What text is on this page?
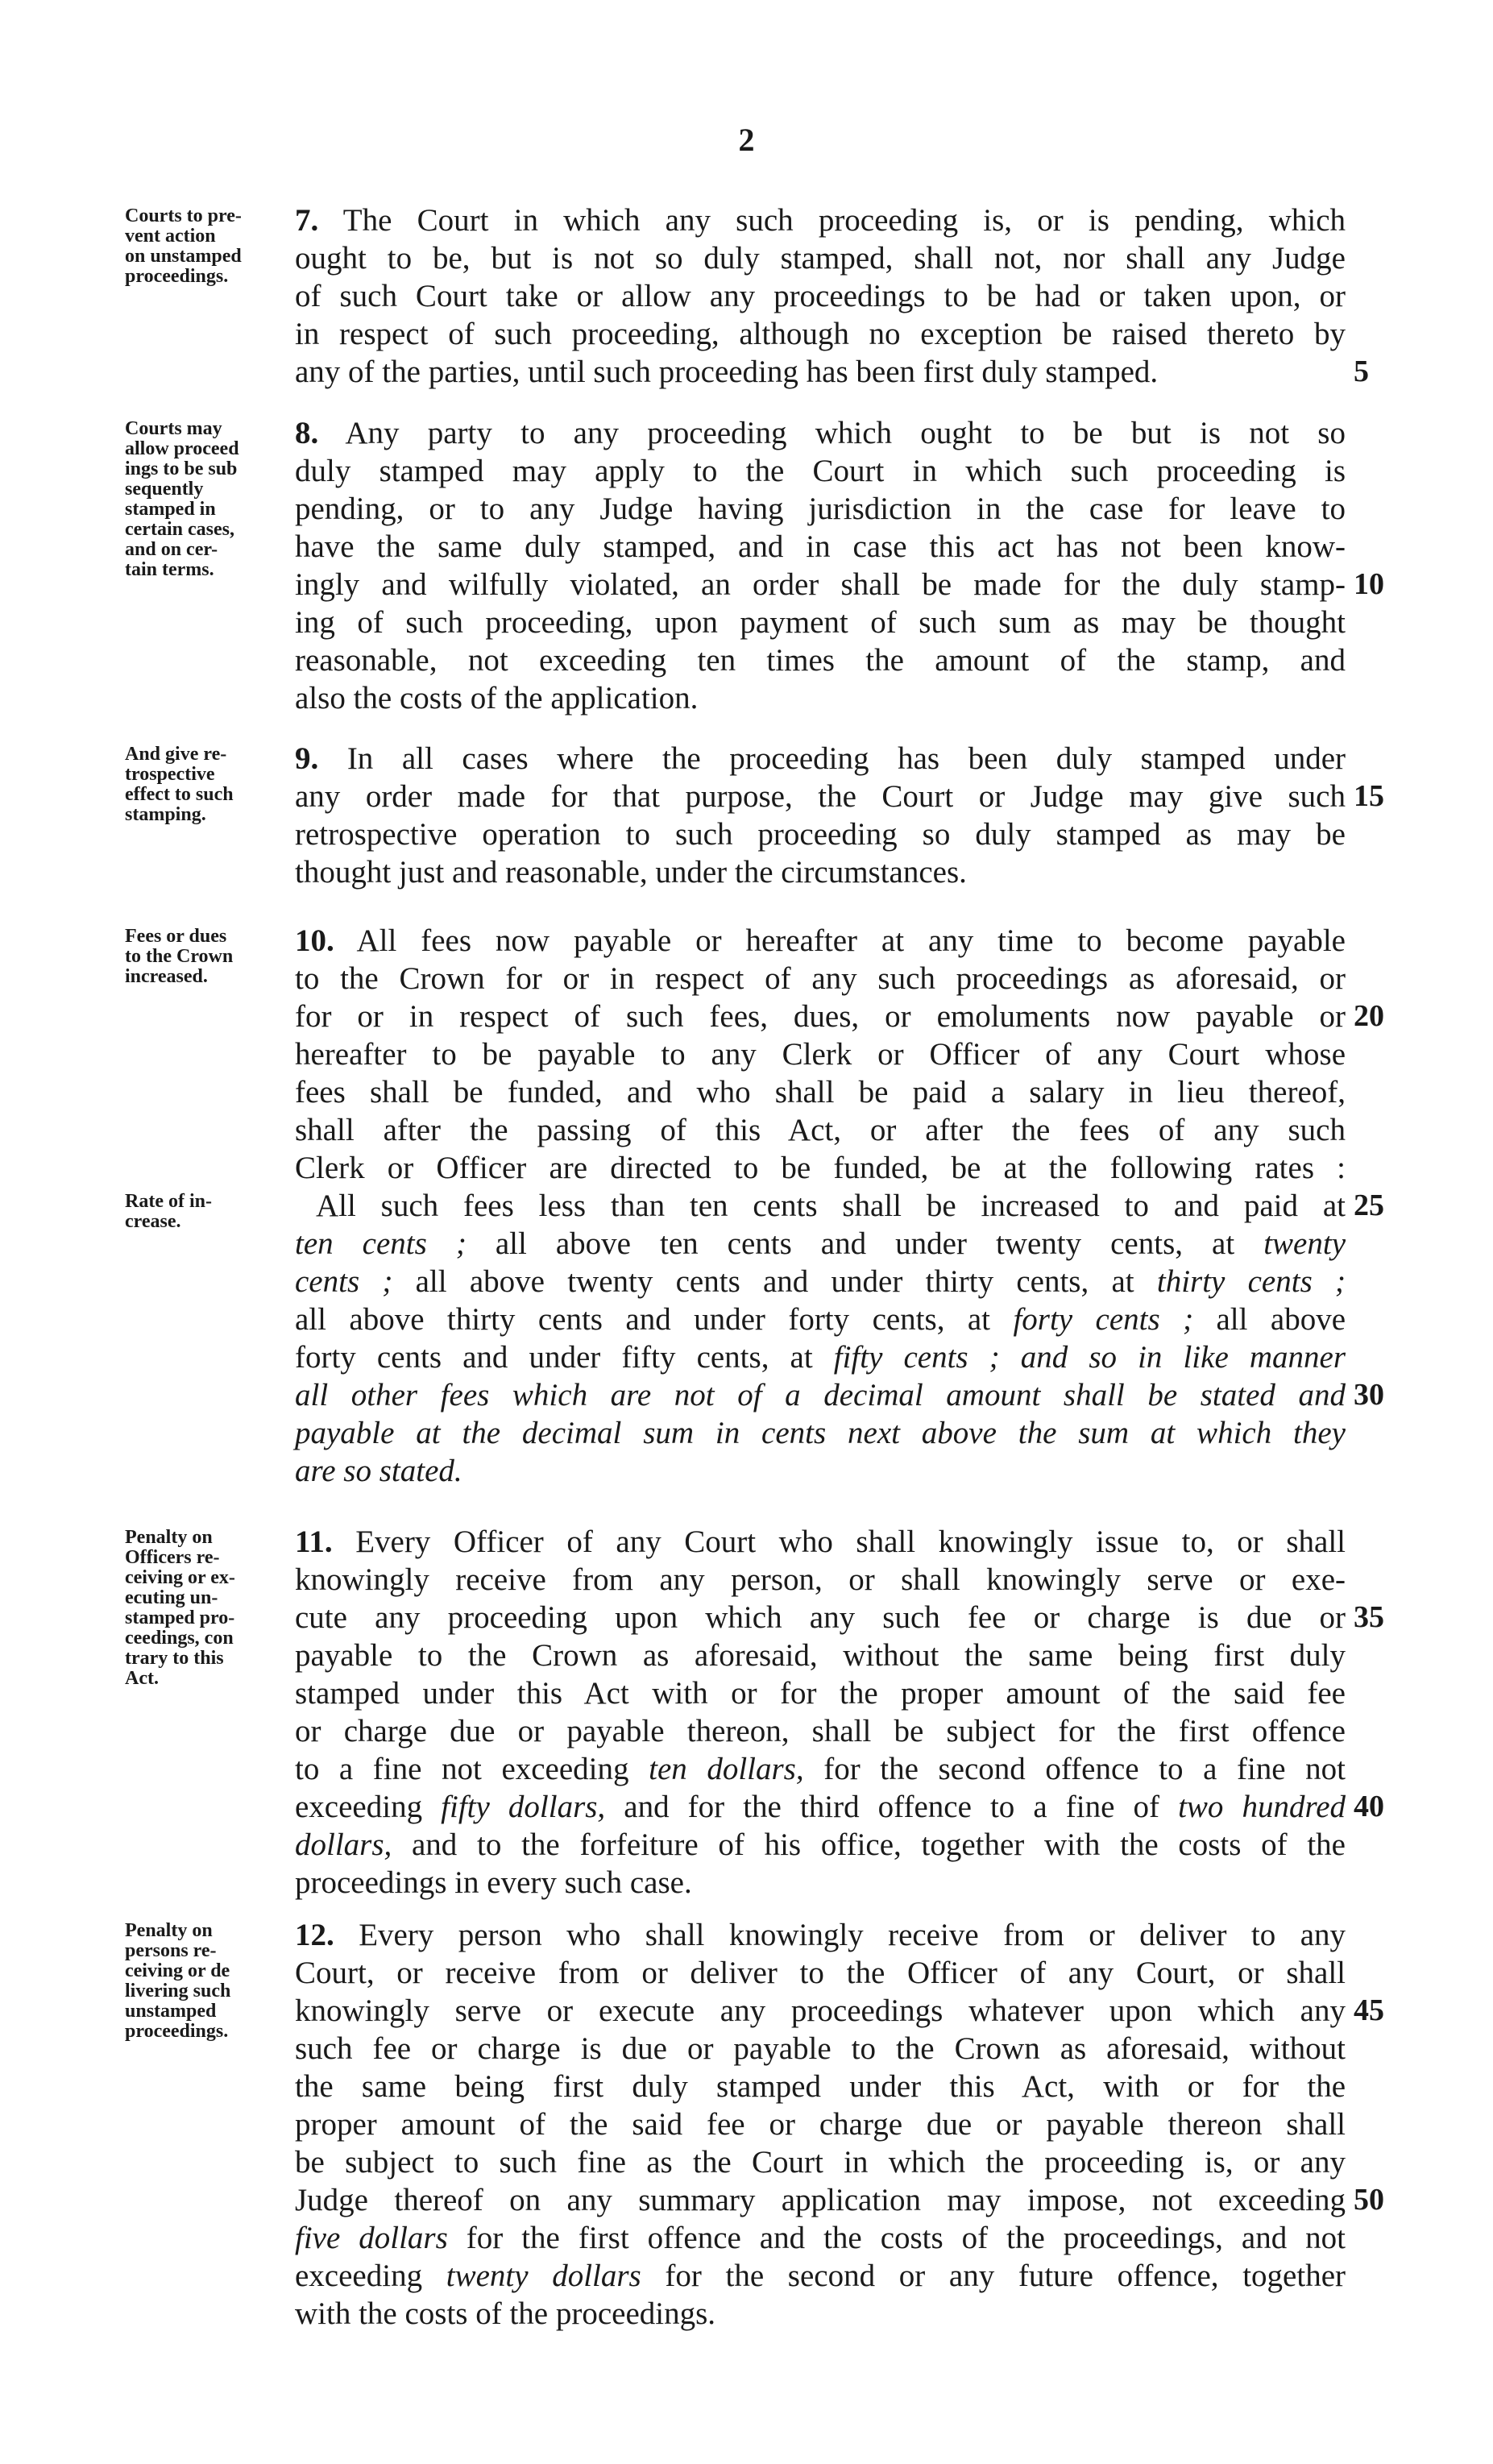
2
Courts to pre-
vent action
on unstamped
proceedings.
7. The Court in which any such proceeding is, or is pending, which
ought to be, but is not so duly stamped, shall not, nor shall any Judge
of such Court take or allow any proceedings to be had or taken upon, or
in respect of such proceeding, although no exception be raised thereto by
any of the parties, until such proceeding has been first duly stamped.	5
Courts may
allow proceed
ings to be sub
sequently
stamped in
certain cases,
and on cer-
tain terms.
8. Any party to any proceeding which ought to be but is not so
duly stamped may apply to the Court in which such proceeding is
pending, or to any Judge having jurisdiction in the case for leave to
have the same duly stamped, and in case this act has not been know-
ingly and wilfully violated, an order shall be made for the duly stamp-
ing of such proceeding, upon payment of such sum as may be thought
reasonable, not exceeding ten times the amount of the stamp, and
also the costs of the application.
10
And give re-
trospective
effect to such
stamping.
9. In all cases where the proceeding has been duly stamped under
any order made for that purpose, the Court or Judge may give such
retrospective operation to such proceeding so duly stamped as may be
thought just and reasonable, under the circumstances.
15
Fees or dues
to the Crown
increased.
Rate of in-
crease.
10. All fees now payable or hereafter at any time to become payable
to the Crown for or in respect of any such proceedings as aforesaid, or
for or in respect of such fees, dues, or emoluments now payable or
hereafter to be payable to any Clerk or Officer of any Court whose
fees shall be funded, and who shall be paid a salary in lieu thereof,
shall after the passing of this Act, or after the fees of any such
Clerk or Officer are directed to be funded, be at the following rates :
All such fees less than ten cents shall be increased to and paid at
ten cents ; all above ten cents and under twenty cents, at twenty
cents ; all above twenty cents and under thirty cents, at thirty cents ;
all above thirty cents and under forty cents, at forty cents ; all above
forty cents and under fifty cents, at fifty cents ; and so in like manner
all other fees which are not of a decimal amount shall be stated and
payable at the decimal sum in cents next above the sum at which they
are so stated.
20
25
30
Penalty on
Officers re-
ceiving or ex-
ecuting un-
stamped pro-
ceedings, con
trary to this
Act.
11. Every Officer of any Court who shall knowingly issue to, or shall
knowingly receive from any person, or shall knowingly serve or exe-
cute any proceeding upon which any such fee or charge is due or
payable to the Crown as aforesaid, without the same being first duly
stamped under this Act with or for the proper amount of the said fee
or charge due or payable thereon, shall be subject for the first offence
to a fine not exceeding ten dollars, for the second offence to a fine not
exceeding fifty dollars, and for the third offence to a fine of two hundred
dollars, and to the forfeiture of his office, together with the costs of the
proceedings in every such case.
35
40
Penalty on
persons re-
ceiving or de
livering such
unstamped
proceedings.
12. Every person who shall knowingly receive from or deliver to any
Court, or receive from or deliver to the Officer of any Court, or shall
knowingly serve or execute any proceedings whatever upon which any
such fee or charge is due or payable to the Crown as aforesaid, without
the same being first duly stamped under this Act, with or for the
proper amount of the said fee or charge due or payable thereon shall
be subject to such fine as the Court in which the proceeding is, or any
Judge thereof on any summary application may impose, not exceeding
five dollars for the first offence and the costs of the proceedings, and not
exceeding twenty dollars for the second or any future offence, together
with the costs of the proceedings.
45
50
